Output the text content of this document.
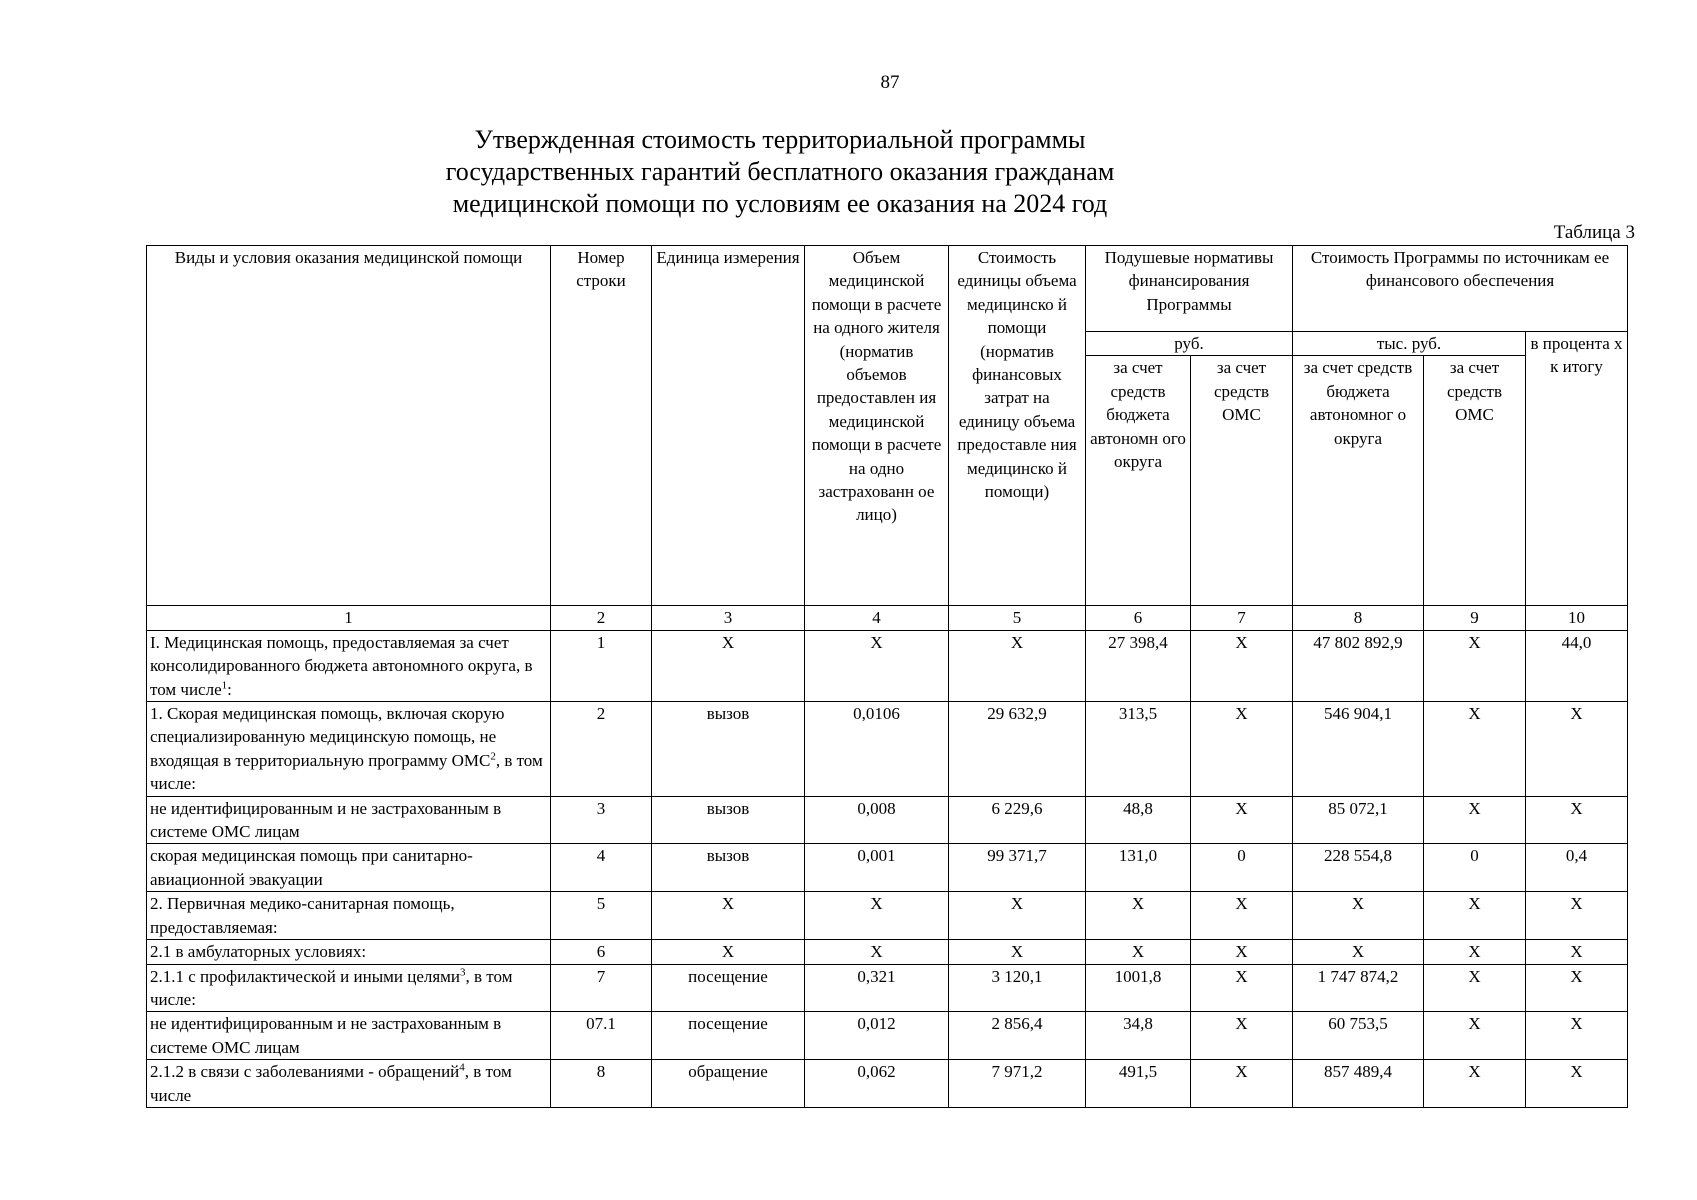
87
Утвержденная стоимость территориальной программы
государственных гарантий бесплатного оказания гражданам
медицинской помощи по условиям ее оказания на 2024 год
Таблица 3
Виды и условия оказания медицинской помощи	Номер строки	Единица измерения	Объем медицинской помощи в расчете на одного жителя (норматив объемов предоставлен ия медицинской помощи в расчете на одно застрахованн ое лицо)	Стоимость единицы объема медицинско й помощи (норматив финансовых затрат на единицу объема предоставле ния медицинско й помощи)	Подушевые нормативы финансирования Программы		Стоимость Программы по источникам ее финансового обеспечения		
					руб.		тыс. руб.		в процента х к итогу
					за счет средств бюджета автономн ого округа	за счет средств ОМС	за счет средств бюджета автономног о округа	за счет средств ОМС	
1	2	3	4	5	6	7	8	9	10
I. Медицинская помощь, предоставляемая за счет консолидированного бюджета автономного округа, в том числе$^1$:	1	Х	Х	Х	27 398,4	Х	47 802 892,9	Х	44,0
1. Скорая медицинская помощь, включая скорую специализированную медицинскую помощь, не входящая в территориальную программу ОМС$^2$, в том числе:	2	вызов	0,0106	29 632,9	313,5	Х	546 904,1	Х	Х
не идентифицированным и не застрахованным в системе ОМС лицам	3	вызов	0,008	6 229,6	48,8	Х	85 072,1	Х	Х
скорая медицинская помощь при санитарно-авиационной эвакуации	4	вызов	0,001	99 371,7	131,0	0	228 554,8	0	0,4
2. Первичная медико-санитарная помощь, предоставляемая:	5	Х	Х	Х	Х	Х	Х	Х	Х
2.1 в амбулаторных условиях:	6	Х	Х	Х	Х	Х	Х	Х	Х
2.1.1 с профилактической и иными целями$^3$, в том числе:	7	посещение	0,321	3 120,1	1001,8	Х	1 747 874,2	Х	Х
не идентифицированным и не застрахованным в системе ОМС лицам	07.1	посещение	0,012	2 856,4	34,8	Х	60 753,5	Х	Х
2.1.2 в связи с заболеваниями - обращений$^4$, в том числе	8	обращение	0,062	7 971,2	491,5	Х	857 489,4	Х	Х
